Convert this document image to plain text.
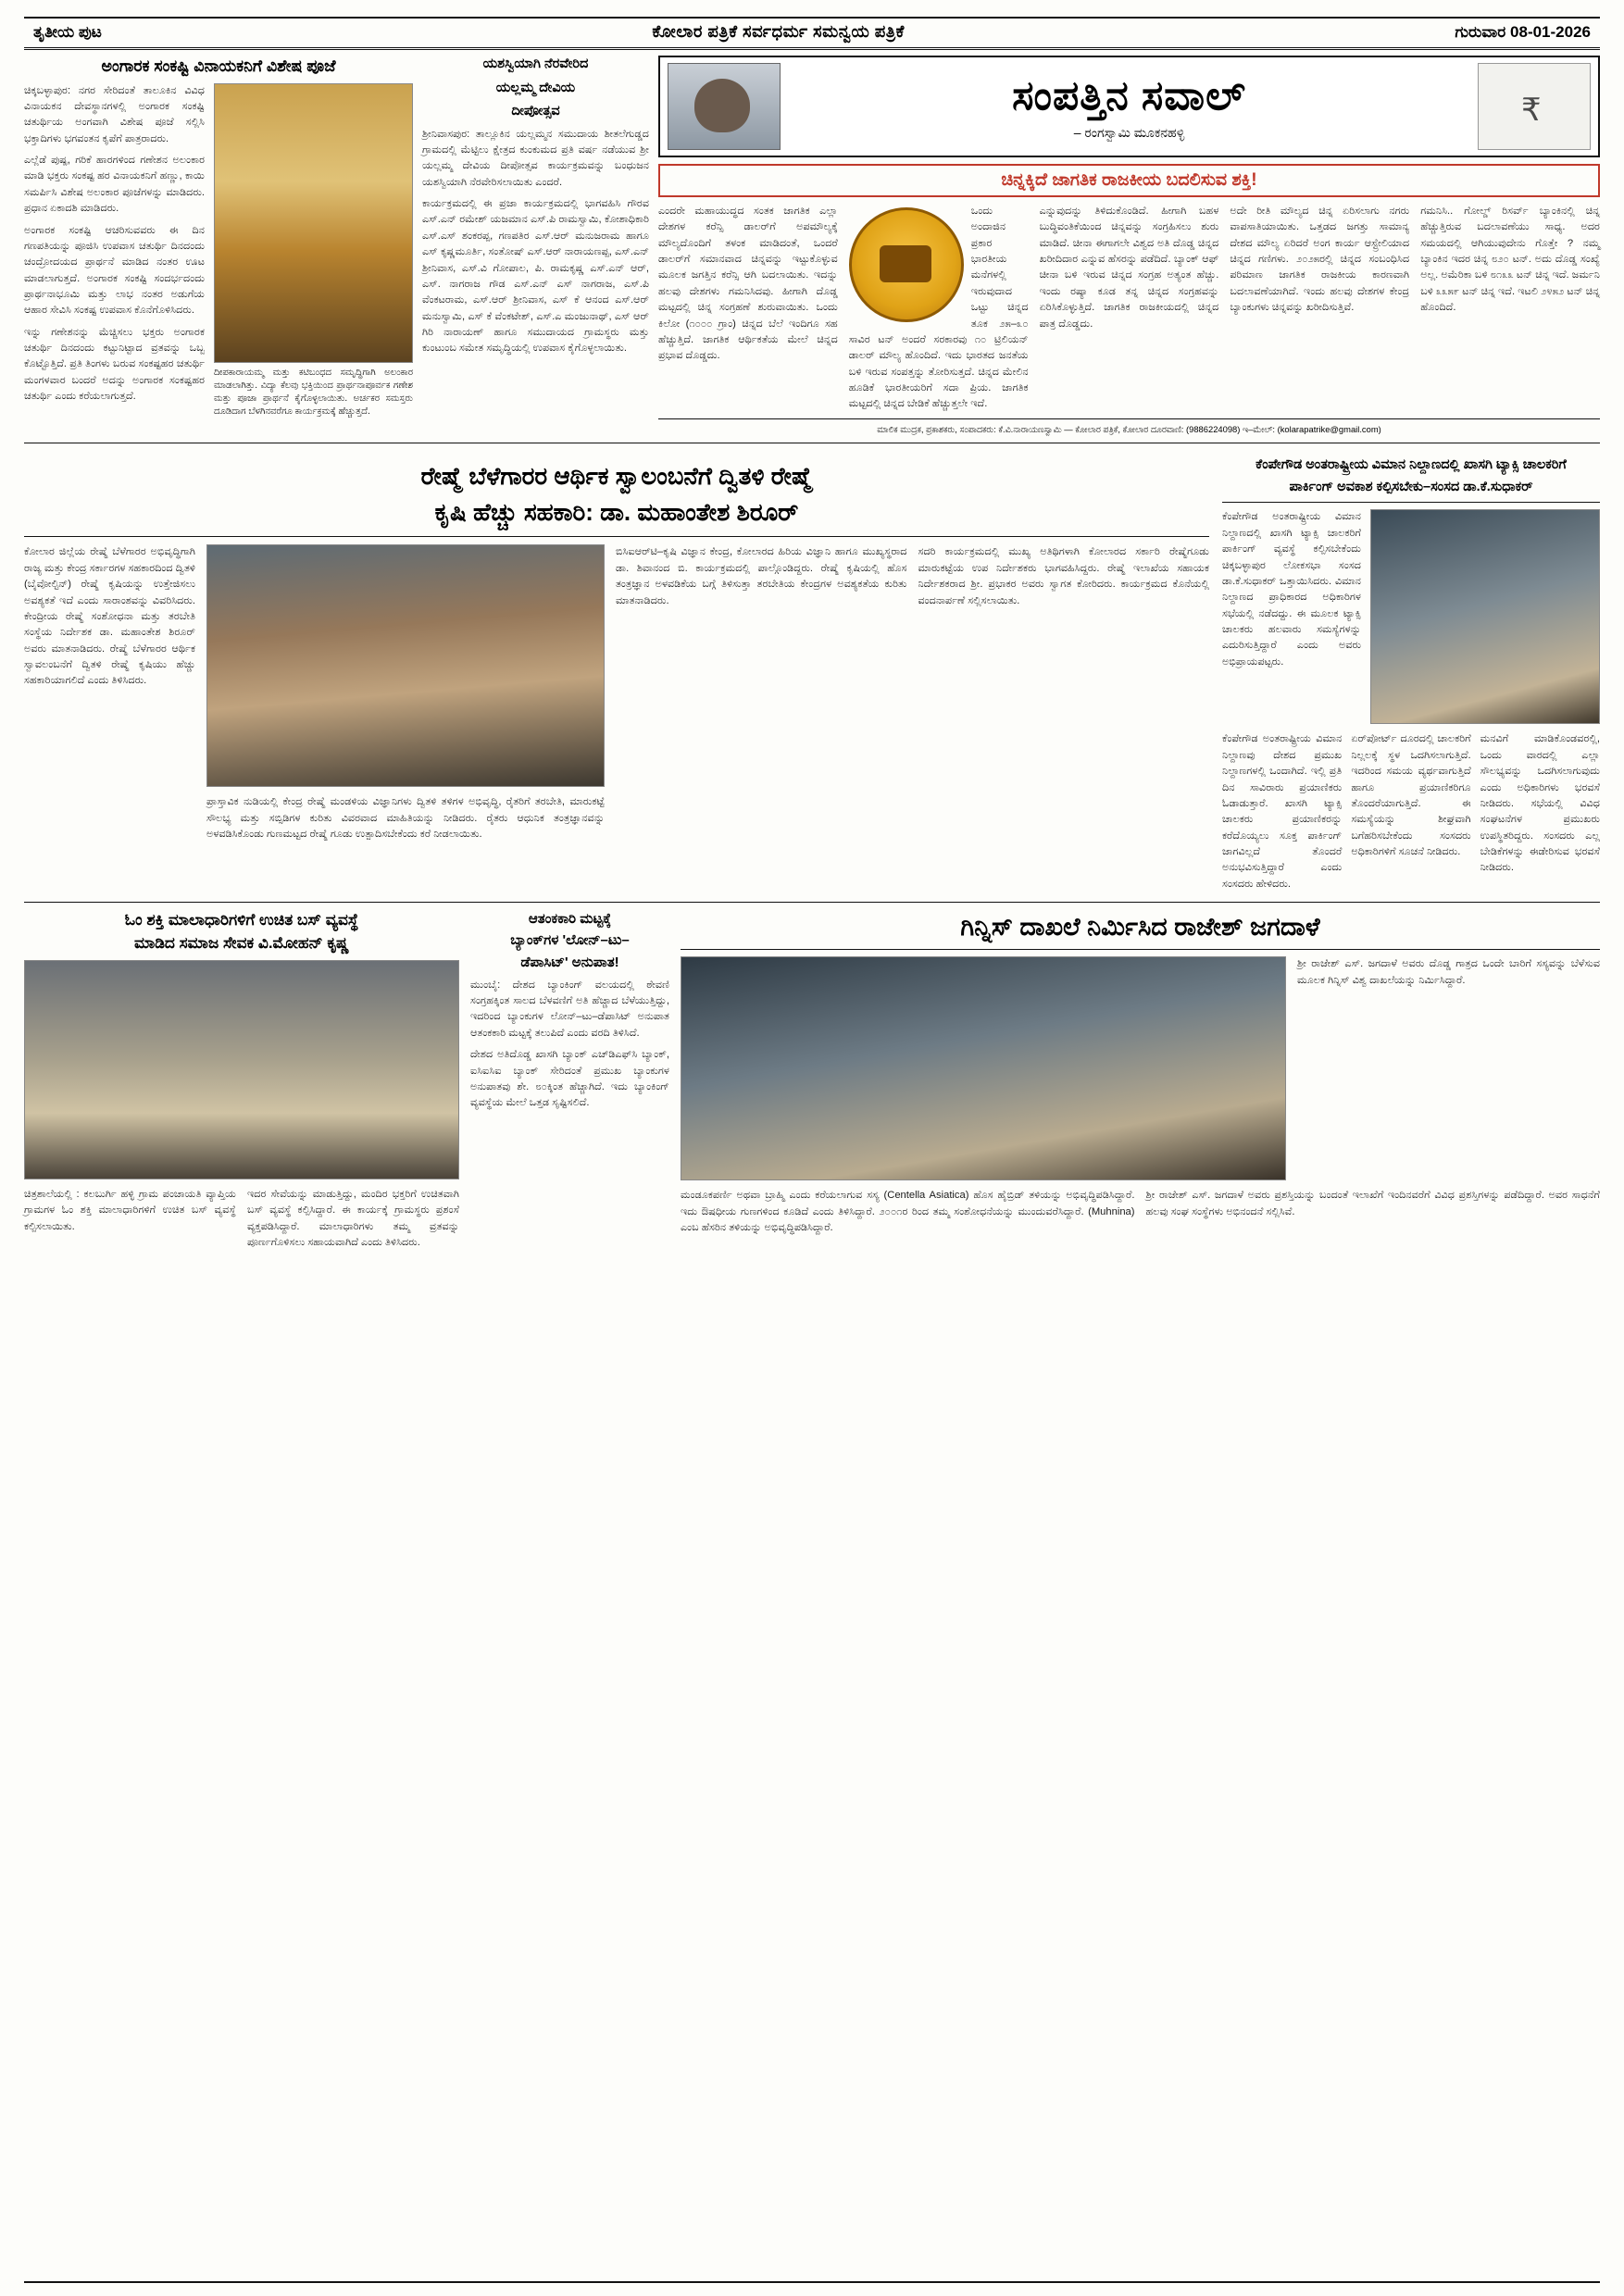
ತೃತೀಯ ಪುಟ	ಕೋಲಾರ ಪತ್ರಿಕೆ ಸರ್ವಧರ್ಮ ಸಮನ್ವಯ ಪತ್ರಿಕೆ	ಗುರುವಾರ 08-01-2026
ಅಂಗಾರಕ ಸಂಕಷ್ಟಿ ವಿನಾಯಕನಿಗೆ ವಿಶೇಷ ಪೂಜೆ
ಚಿಕ್ಕಬಳ್ಳಾಪುರ: ನಗರ ಸೇರಿದಂತೆ ತಾಲೂಕಿನ ವಿವಿಧ ವಿನಾಯಕನ ದೇವಸ್ಥಾನಗಳಲ್ಲಿ ಅಂಗಾರಕ ಸಂಕಷ್ಟಿ ಚತುರ್ಥಿಯ ಅಂಗವಾಗಿ ವಿಶೇಷ ಪೂಜೆ ಸಲ್ಲಿಸಿ ಭಕ್ತಾದಿಗಳು ಭಗವಂತನ ಕೃಪೆಗೆ ಪಾತ್ರರಾದರು.
ಎಲ್ಲೆಡೆ ಪುಷ್ಪ, ಗರಿಕೆ ಹಾರಗಳಿಂದ ಗಣೇಶನ ಅಲಂಕಾರ ಮಾಡಿ ಭಕ್ತರು ಸಂಕಷ್ಟ ಹರ ವಿನಾಯಕನಿಗೆ ಹಣ್ಣು, ಕಾಯಿ ಸಮರ್ಪಿಸಿ ವಿಶೇಷ ಅಲಂಕಾರ ಪೂಜೆಗಳನ್ನು ಮಾಡಿದರು. ಪ್ರಧಾನ ಏಕಾದಶಿ ಮಾಡಿದರು.
ಅಂಗಾರಕ ಸಂಕಷ್ಟಿ ಆಚರಿಸುವವರು ಈ ದಿನ ಗಣಪತಿಯನ್ನು ಪೂಜಿಸಿ ಉಪವಾಸ ಚತುರ್ಥಿ ದಿನದಂದು ಚಂದ್ರೋದಯದ ಪ್ರಾರ್ಥನೆ ಮಾಡಿದ ನಂತರ ಊಟ ಮಾಡಲಾಗುತ್ತದೆ. ಅಂಗಾರಕ ಸಂಕಷ್ಟಿ ಸಂದರ್ಭದಂದು ಪ್ರಾರ್ಥನಾಭೂಮಿ ಮತ್ತು ಲಾಭ ನಂತರ ಅಡುಗೆಯ ಆಹಾರ ಸೇವಿಸಿ ಸಂಕಷ್ಟ ಉಪವಾಸ ಕೊನೆಗೊಳಿಸಿದರು.
ಇನ್ನು ಗಣೇಶನನ್ನು ಮೆಚ್ಚಿಸಲು ಭಕ್ತರು ಅಂಗಾರಕ ಚತುರ್ಥಿ ದಿನದಂದು ಕಟ್ಟುನಿಟ್ಟಾದ ವ್ರತವನ್ನು ಒಬ್ಬ ಕೊಟ್ಟೊತ್ತಿದೆ. ಪ್ರತಿ ತಿಂಗಳು ಬರುವ ಸಂಕಷ್ಟಹರ ಚತುರ್ಥಿ ಮಂಗಳವಾರ ಬಂದರೆ ಅದನ್ನು ಅಂಗಾರಕ ಸಂಕಷ್ಟಹರ ಚತುರ್ಥಿ ಎಂದು ಕರೆಯಲಾಗುತ್ತದೆ.
ದೀಪಕಾರಾಯಮ್ಮ ಮತ್ತು ಕಟಿಬಂಧದ ಸಮೃದ್ಧಿಗಾಗಿ ಅಲಂಕಾರ ಮಾಡಲಾಗಿತ್ತು. ವಿದ್ಯಾ ಕೆಲವು ಭಕ್ತಿಯಿಂದ ಪ್ರಾರ್ಥನಾಪೂರ್ವಕ ಗಣೇಶ ಮತ್ತು ಪೂಜಾ ಪ್ರಾರ್ಥನೆ ಕೈಗೊಳ್ಳಲಾಯಿತು. ಅರ್ಚಕರ ಸಮಸ್ತರು ದೂಡಿದಾಗ ಬೆಳಗಿನವರೆಗೂ ಕಾರ್ಯಕ್ರಮಕ್ಕೆ ಹೆಚ್ಚುತ್ತದೆ.
ಯಶಸ್ವಿಯಾಗಿ ನೆರವೇರಿದ
ಯಲ್ಲಮ್ಮ ದೇವಿಯ
ದೀಪೋತ್ಸವ
ಶ್ರೀನಿವಾಸಪುರ: ತಾಲ್ಲೂಕಿನ ಯಲ್ಲಮ್ಮನ ಸಮುದಾಯ ಶೀತಲೆಗುಡ್ಡದ ಗ್ರಾಮದಲ್ಲಿ ಮೆಟ್ಟಿಲು ಕ್ಷೇತ್ರದ ಕುಂಕುಮದ ಪ್ರತಿ ವರ್ಷ ನಡೆಯುವ ಶ್ರೀ ಯಲ್ಲಮ್ಮ ದೇವಿಯ ದೀಪೋತ್ಸವ ಕಾರ್ಯಕ್ರಮವನ್ನು ಬಂಧುಜನ ಯಶಸ್ವಿಯಾಗಿ ನೆರವೇರಿಸಲಾಯಿತು ಎಂದರೆ.
ಕಾರ್ಯಕ್ರಮದಲ್ಲಿ ಈ ಪ್ರಜಾ ಕಾರ್ಯಕ್ರಮದಲ್ಲಿ ಭಾಗವಹಿಸಿ ಗೌರವ ಎಸ್.ಎನ್ ರಮೇಶ್ ಯಜಮಾನ ಎಸ್.ಪಿ ರಾಮಸ್ವಾಮಿ, ಕೋಶಾಧಿಕಾರಿ ಎಸ್.ಎಸ್ ಶಂಕರಪ್ಪ, ಗಣಪತಿರ ಎಸ್.ಆರ್ ಮನುಜರಾಮ ಹಾಗೂ ಎಸ್ ಕೃಷ್ಣಮೂರ್ತಿ, ಸಂತೋಷ್ ಎಸ್.ಆರ್ ನಾರಾಯಣಪ್ಪ, ಎಸ್.ಎನ್ ಶ್ರೀನಿವಾಸ, ಎಸ್.ವಿ ಗೋಪಾಲ, ಪಿ. ರಾಮಕೃಷ್ಣ ಎಸ್.ಎನ್ ಆರ್, ಎಸ್. ನಾಗರಾಜ ಗೌಡ ಎಸ್.ಎನ್ ಎಸ್ ನಾಗರಾಜ, ಎಸ್.ಪಿ ವೆಂಕಟರಾಮ, ಎಸ್.ಆರ್ ಶ್ರೀನಿವಾಸ, ಎಸ್ ಕೆ ಆನಂದ ಎಸ್.ಆರ್ ಮನುಸ್ವಾಮಿ, ಎಸ್ ಕೆ ವೆಂಕಟೇಶ್, ಎಸ್.ಎ ಮಂಜುನಾಥ್, ಎಸ್ ಆರ್ ಗಿರಿ ನಾರಾಯಣ್ ಹಾಗೂ ಸಮುದಾಯದ ಗ್ರಾಮಸ್ಥರು ಮತ್ತು ಕುಂಟುಂಬ ಸಮೇತ ಸಮೃದ್ಧಿಯಲ್ಲಿ ಉಪವಾಸ ಕೈಗೊಳ್ಳಲಾಯಿತು.
ಸಂಪತ್ತಿನ ಸವಾಲ್
– ರಂಗಸ್ವಾಮಿ ಮೂಕನಹಳ್ಳಿ
₹
ಚಿನ್ನಕ್ಕಿದೆ ಜಾಗತಿಕ ರಾಜಕೀಯ ಬದಲಿಸುವ ಶಕ್ತಿ!
ಎಂದರೇ ಮಹಾಯುದ್ಧದ ಸಂತಕ ಜಾಗತಿಕ ಎಲ್ಲಾ ದೇಶಗಳ ಕರೆನ್ಸಿ ಡಾಲರ್‌ಗೆ ಅಪಮೌಲ್ಯಕ್ಕೆ ಮೌಲ್ಯದೊಂದಿಗೆ ತಳಂಕ ಮಾಡಿದಂತೆ, ಒಂದರೆ ಡಾಲರ್‌ಗೆ ಸಮಾನವಾದ ಚಿನ್ನವನ್ನು ಇಟ್ಟುಕೊಳ್ಳುವ ಮೂಲಕ ಜಗತ್ತಿನ ಕರೆನ್ಸಿ ಆಗಿ ಬದಲಾಯಿತು. ಇದನ್ನು ಹಲವು ದೇಶಗಳು ಗಮನಿಸಿದವು. ಹೀಗಾಗಿ ದೊಡ್ಡ ಮಟ್ಟದಲ್ಲಿ ಚಿನ್ನ ಸಂಗ್ರಹಣೆ ಶುರುವಾಯಿತು. ಒಂದು ಕಿಲೋ (೧೦೦೦ ಗ್ರಾಂ) ಚಿನ್ನದ ಬೆಲೆ ಇಂದಿಗೂ ಸಹ ಹೆಚ್ಚುತ್ತಿದೆ. ಜಾಗತಿಕ ಆರ್ಥಿಕತೆಯ ಮೇಲೆ ಚಿನ್ನದ ಪ್ರಭಾವ ದೊಡ್ಡದು.
ಒಂದು ಅಂದಾಜಿನ ಪ್ರಕಾರ ಭಾರತೀಯ ಮನೆಗಳಲ್ಲಿ ಇರುವುದಾದ ಒಟ್ಟು ಚಿನ್ನದ ತೂಕ ೨೫–೩೦ ಸಾವಿರ ಟನ್ ಅಂದರೆ ಸರಕಾರವು ೧೦ ಟ್ರಿಲಿಯನ್ ಡಾಲರ್ ಮೌಲ್ಯ ಹೊಂದಿದೆ. ಇದು ಭಾರತದ ಜನತೆಯ ಬಳಿ ಇರುವ ಸಂಪತ್ತನ್ನು ತೋರಿಸುತ್ತದೆ. ಚಿನ್ನದ ಮೇಲಿನ ಹೂಡಿಕೆ ಭಾರತೀಯರಿಗೆ ಸದಾ ಪ್ರಿಯ. ಜಾಗತಿಕ ಮಟ್ಟದಲ್ಲಿ ಚಿನ್ನದ ಬೇಡಿಕೆ ಹೆಚ್ಚುತ್ತಲೇ ಇದೆ.
ಎನ್ನುವುದನ್ನು ತಿಳಿದುಕೊಂಡಿದೆ. ಹೀಗಾಗಿ ಬಹಳ ಬುದ್ಧಿವಂತಿಕೆಯಿಂದ ಚಿನ್ನವನ್ನು ಸಂಗ್ರಹಿಸಲು ಶುರು ಮಾಡಿದೆ. ಚೀನಾ ಈಗಾಗಲೇ ವಿಶ್ವದ ಅತಿ ದೊಡ್ಡ ಚಿನ್ನದ ಖರೀದಿದಾರ ಎನ್ನುವ ಹೆಸರನ್ನು ಪಡೆದಿದೆ. ಬ್ಯಾಂಕ್ ಆಫ್ ಚೀನಾ ಬಳಿ ಇರುವ ಚಿನ್ನದ ಸಂಗ್ರಹ ಅತ್ಯಂತ ಹೆಚ್ಚು. ಇಂದು ರಷ್ಯಾ ಕೂಡ ತನ್ನ ಚಿನ್ನದ ಸಂಗ್ರಹವನ್ನು ಏರಿಸಿಕೊಳ್ಳುತ್ತಿದೆ. ಜಾಗತಿಕ ರಾಜಕೀಯದಲ್ಲಿ ಚಿನ್ನದ ಪಾತ್ರ ದೊಡ್ಡದು.
ಅದೇ ರೀತಿ ಮೌಲ್ಯದ ಚಿನ್ನ ಏರಿಸಲಾಗು ನಗರು ವಾಪಸಾತಿಯಾಯಿತು. ಒತ್ತಡದ ಜಗತ್ತು ಸಾಮಾನ್ಯ ದೇಶದ ಮೌಲ್ಯ ಏರಿದರೆ ಅಂಗ ಕಾರ್ಯ ಆಸ್ಟ್ರೇಲಿಯಾದ ಚಿನ್ನದ ಗಣಿಗಳು. ೨೦೨೫ರಲ್ಲಿ ಚಿನ್ನದ ಸಂಬಂಧಿಸಿದ ಪರಿಮಾಣ ಜಾಗತಿಕ ರಾಜಕೀಯ ಕಾರಣವಾಗಿ ಬದಲಾವಣೆಯಾಗಿದೆ. ಇಂದು ಹಲವು ದೇಶಗಳ ಕೇಂದ್ರ ಬ್ಯಾಂಕುಗಳು ಚಿನ್ನವನ್ನು ಖರೀದಿಸುತ್ತಿವೆ.
ಗಮನಿಸಿ.. ಗೋಲ್ಡ್ ರಿಸರ್ವ್ ಬ್ಯಾಂಕಿನಲ್ಲಿ ಚಿನ್ನ ಹೆಚ್ಚುತ್ತಿರುವ ಬದಲಾವಣೆಯು ಸಾಧ್ಯ. ಅದರ ಸಮಯದಲ್ಲಿ ಆಗಿಯುವುದೇನು ಗೊತ್ತೇ ? ನಮ್ಮ ಬ್ಯಾಂಕಿನ ಇದರ ಚಿನ್ನ ೮೨೦ ಟನ್. ಅದು ದೊಡ್ಡ ಸಂಖ್ಯೆ ಅಲ್ಲ. ಅಮೆರಿಕಾ ಬಳಿ ೮೧೩೩ ಟನ್ ಚಿನ್ನ ಇದೆ. ಜರ್ಮನಿ ಬಳಿ ೩೩೫೯ ಟನ್ ಚಿನ್ನ ಇದೆ. ಇಟಲಿ ೨೪೫೨ ಟನ್ ಚಿನ್ನ ಹೊಂದಿದೆ.
ಮಾಲಿಕ ಮುದ್ರಕ, ಪ್ರಕಾಶಕರು, ಸಂಪಾದಕರು: ಕೆ.ವಿ.ನಾರಾಯಣಸ್ವಾಮಿ — ಕೋಲಾರ ಪತ್ರಿಕೆ, ಕೋಲಾರ ದೂರವಾಣಿ: (9886224098) ಇ–ಮೇಲ್: (kolarapatrike@gmail.com)
ರೇಷ್ಮೆ ಬೆಳೆಗಾರರ ಆರ್ಥಿಕ ಸ್ವಾಲಂಬನೆಗೆ ದ್ವಿತಳಿ ರೇಷ್ಮೆ
ಕೃಷಿ ಹೆಚ್ಚು ಸಹಕಾರಿ: ಡಾ. ಮಹಾಂತೇಶ ಶಿರೂರ್
ಕೋಲಾರ ಜಿಲ್ಲೆಯ ರೇಷ್ಮೆ ಬೆಳೆಗಾರರ ಅಭಿವೃದ್ಧಿಗಾಗಿ ರಾಜ್ಯ ಮತ್ತು ಕೇಂದ್ರ ಸರ್ಕಾರಗಳ ಸಹಕಾರದಿಂದ ದ್ವಿತಳಿ (ಬೈವೋಲ್ಟಿನ್) ರೇಷ್ಮೆ ಕೃಷಿಯನ್ನು ಉತ್ತೇಜಿಸಲು ಅವಶ್ಯಕತೆ ಇದೆ ಎಂದು ಸಾರಾಂಶವನ್ನು ವಿವರಿಸಿದರು. ಕೇಂದ್ರೀಯ ರೇಷ್ಮೆ ಸಂಶೋಧನಾ ಮತ್ತು ತರಬೇತಿ ಸಂಸ್ಥೆಯ ನಿರ್ದೇಶಕ ಡಾ. ಮಹಾಂತೇಶ ಶಿರೂರ್ ಅವರು ಮಾತನಾಡಿದರು. ರೇಷ್ಮೆ ಬೆಳೆಗಾರರ ಆರ್ಥಿಕ ಸ್ವಾವಲಂಬನೆಗೆ ದ್ವಿತಳಿ ರೇಷ್ಮೆ ಕೃಷಿಯು ಹೆಚ್ಚು ಸಹಕಾರಿಯಾಗಲಿದೆ ಎಂದು ತಿಳಿಸಿದರು.
ಪ್ರಾಸ್ತಾವಿಕ ನುಡಿಯಲ್ಲಿ ಕೇಂದ್ರ ರೇಷ್ಮೆ ಮಂಡಳಿಯ ವಿಜ್ಞಾನಿಗಳು ದ್ವಿತಳಿ ತಳಿಗಳ ಅಭಿವೃದ್ಧಿ, ರೈತರಿಗೆ ತರಬೇತಿ, ಮಾರುಕಟ್ಟೆ ಸೌಲಭ್ಯ ಮತ್ತು ಸಬ್ಸಿಡಿಗಳ ಕುರಿತು ವಿವರವಾದ ಮಾಹಿತಿಯನ್ನು ನೀಡಿದರು. ರೈತರು ಆಧುನಿಕ ತಂತ್ರಜ್ಞಾನವನ್ನು ಅಳವಡಿಸಿಕೊಂಡು ಗುಣಮಟ್ಟದ ರೇಷ್ಮೆ ಗೂಡು ಉತ್ಪಾದಿಸಬೇಕೆಂದು ಕರೆ ನೀಡಲಾಯಿತು.
ಬಿಸಿಐಆರ್‌ಟಿ–ಕೃಷಿ ವಿಜ್ಞಾನ ಕೇಂದ್ರ, ಕೋಲಾರದ ಹಿರಿಯ ವಿಜ್ಞಾನಿ ಹಾಗೂ ಮುಖ್ಯಸ್ಥರಾದ ಡಾ. ಶಿವಾನಂದ ಬಿ. ಕಾರ್ಯಕ್ರಮದಲ್ಲಿ ಪಾಲ್ಗೊಂಡಿದ್ದರು. ರೇಷ್ಮೆ ಕೃಷಿಯಲ್ಲಿ ಹೊಸ ತಂತ್ರಜ್ಞಾನ ಅಳವಡಿಕೆಯ ಬಗ್ಗೆ ತಿಳಿಸುತ್ತಾ ತರಬೇತಿಯ ಕೇಂದ್ರಗಳ ಅವಶ್ಯಕತೆಯ ಕುರಿತು ಮಾತನಾಡಿದರು.
ಸದರಿ ಕಾರ್ಯಕ್ರಮದಲ್ಲಿ ಮುಖ್ಯ ಅತಿಥಿಗಳಾಗಿ ಕೋಲಾರದ ಸರ್ಕಾರಿ ರೇಷ್ಮೆಗೂಡು ಮಾರುಕಟ್ಟೆಯ ಉಪ ನಿರ್ದೇಶಕರು ಭಾಗವಹಿಸಿದ್ದರು. ರೇಷ್ಮೆ ಇಲಾಖೆಯ ಸಹಾಯಕ ನಿರ್ದೇಶಕರಾದ ಶ್ರೀ. ಪ್ರಭಾಕರ ಅವರು ಸ್ವಾಗತ ಕೋರಿದರು. ಕಾರ್ಯಕ್ರಮದ ಕೊನೆಯಲ್ಲಿ ವಂದನಾರ್ಪಣೆ ಸಲ್ಲಿಸಲಾಯಿತು.
ಕೆಂಪೇಗೌಡ ಅಂತರಾಷ್ಟ್ರೀಯ ವಿಮಾನ ನಿಲ್ದಾಣದಲ್ಲಿ ಖಾಸಗಿ ಟ್ಯಾಕ್ಸಿ ಚಾಲಕರಿಗೆ
ಪಾರ್ಕಿಂಗ್ ಅವಕಾಶ ಕಲ್ಪಿಸಬೇಕು–ಸಂಸದ ಡಾ.ಕೆ.ಸುಧಾಕರ್
ಕೆಂಪೇಗೌಡ ಅಂತರಾಷ್ಟ್ರೀಯ ವಿಮಾನ ನಿಲ್ದಾಣದಲ್ಲಿ ಖಾಸಗಿ ಟ್ಯಾಕ್ಸಿ ಚಾಲಕರಿಗೆ ಪಾರ್ಕಿಂಗ್ ವ್ಯವಸ್ಥೆ ಕಲ್ಪಿಸಬೇಕೆಂದು ಚಿಕ್ಕಬಳ್ಳಾಪುರ ಲೋಕಸಭಾ ಸಂಸದ ಡಾ.ಕೆ.ಸುಧಾಕರ್ ಒತ್ತಾಯಿಸಿದರು. ವಿಮಾನ ನಿಲ್ದಾಣದ ಪ್ರಾಧಿಕಾರದ ಅಧಿಕಾರಿಗಳ ಸಭೆಯಲ್ಲಿ ನಡೆದದ್ದು. ಈ ಮೂಲಕ ಟ್ಯಾಕ್ಸಿ ಚಾಲಕರು ಹಲವಾರು ಸಮಸ್ಯೆಗಳನ್ನು ಎದುರಿಸುತ್ತಿದ್ದಾರೆ ಎಂದು ಅವರು ಅಭಿಪ್ರಾಯಪಟ್ಟರು.
ಕೆಂಪೇಗೌಡ ಅಂತರಾಷ್ಟ್ರೀಯ ವಿಮಾನ ನಿಲ್ದಾಣವು ದೇಶದ ಪ್ರಮುಖ ನಿಲ್ದಾಣಗಳಲ್ಲಿ ಒಂದಾಗಿದೆ. ಇಲ್ಲಿ ಪ್ರತಿ ದಿನ ಸಾವಿರಾರು ಪ್ರಯಾಣಿಕರು ಓಡಾಡುತ್ತಾರೆ. ಖಾಸಗಿ ಟ್ಯಾಕ್ಸಿ ಚಾಲಕರು ಪ್ರಯಾಣಿಕರನ್ನು ಕರೆದೊಯ್ಯಲು ಸೂಕ್ತ ಪಾರ್ಕಿಂಗ್ ಜಾಗವಿಲ್ಲದೆ ತೊಂದರೆ ಅನುಭವಿಸುತ್ತಿದ್ದಾರೆ ಎಂದು ಸಂಸದರು ಹೇಳಿದರು.
ಏರ್‌ಪೋರ್ಟ್ ದೂರದಲ್ಲಿ ಚಾಲಕರಿಗೆ ನಿಲ್ಲಲಕ್ಕೆ ಸ್ಥಳ ಒದಗಿಸಲಾಗುತ್ತಿದೆ. ಇದರಿಂದ ಸಮಯ ವ್ಯರ್ಥವಾಗುತ್ತಿದೆ ಹಾಗೂ ಪ್ರಯಾಣಿಕರಿಗೂ ತೊಂದರೆಯಾಗುತ್ತಿದೆ. ಈ ಸಮಸ್ಯೆಯನ್ನು ಶೀಘ್ರವಾಗಿ ಬಗೆಹರಿಸಬೇಕೆಂದು ಸಂಸದರು ಅಧಿಕಾರಿಗಳಿಗೆ ಸೂಚನೆ ನೀಡಿದರು.
ಮನವಿಗೆ ಮಾಡಿಕೊಂಡವರಲ್ಲಿ, ಒಂದು ವಾರದಲ್ಲಿ ಎಲ್ಲಾ ಸೌಲಭ್ಯವನ್ನು ಒದಗಿಸಲಾಗುವುದು ಎಂದು ಅಧಿಕಾರಿಗಳು ಭರವಸೆ ನೀಡಿದರು. ಸಭೆಯಲ್ಲಿ ವಿವಿಧ ಸಂಘಟನೆಗಳ ಪ್ರಮುಖರು ಉಪಸ್ಥಿತರಿದ್ದರು. ಸಂಸದರು ಎಲ್ಲ ಬೇಡಿಕೆಗಳನ್ನು ಈಡೇರಿಸುವ ಭರವಸೆ ನೀಡಿದರು.
ಓಂ ಶಕ್ತಿ ಮಾಲಾಧಾರಿಗಳಿಗೆ ಉಚಿತ ಬಸ್ ವ್ಯವಸ್ಥೆ
ಮಾಡಿದ ಸಮಾಜ ಸೇವಕ ವಿ.ಮೋಹನ್ ಕೃಷ್ಣ
ಚಿತ್ರಶಾಲೆಯಲ್ಲಿ : ಕಲಬುರ್ಗಿ ಹಳ್ಳಿ ಗ್ರಾಮ ಪಂಚಾಯತಿ ವ್ಯಾಪ್ತಿಯ ಗ್ರಾಮಗಳ ಓಂ ಶಕ್ತಿ ಮಾಲಾಧಾರಿಗಳಿಗೆ ಉಚಿತ ಬಸ್ ವ್ಯವಸ್ಥೆ ಕಲ್ಪಿಸಲಾಯಿತು.
ಇದರ ಸೇವೆಯನ್ನು ಮಾಡುತ್ತಿದ್ದು, ಮಂದಿರ ಭಕ್ತರಿಗೆ ಉಚಿತವಾಗಿ ಬಸ್ ವ್ಯವಸ್ಥೆ ಕಲ್ಪಿಸಿದ್ದಾರೆ. ಈ ಕಾರ್ಯಕ್ಕೆ ಗ್ರಾಮಸ್ಥರು ಪ್ರಶಂಸೆ ವ್ಯಕ್ತಪಡಿಸಿದ್ದಾರೆ. ಮಾಲಾಧಾರಿಗಳು ತಮ್ಮ ವ್ರತವನ್ನು ಪೂರ್ಣಗೊಳಿಸಲು ಸಹಾಯವಾಗಿದೆ ಎಂದು ತಿಳಿಸಿದರು.
ಆತಂಕಕಾರಿ ಮಟ್ಟಕ್ಕೆ
ಬ್ಯಾಂಕ್‌ಗಳ 'ಲೋನ್–ಟು–
ಡೆಪಾಸಿಟ್' ಅನುಪಾತ!
ಮುಂಬೈ: ದೇಶದ ಬ್ಯಾಂಕಿಂಗ್ ವಲಯದಲ್ಲಿ ಠೇವಣಿ ಸಂಗ್ರಹಕ್ಕಿಂತ ಸಾಲದ ಬೆಳವಣಿಗೆ ಅತಿ ಹೆಚ್ಚಾದ ಬೆಳೆಯುತ್ತಿದ್ದು, ಇದರಿಂದ ಬ್ಯಾಂಕುಗಳ ಲೋನ್–ಟು–ಡೆಪಾಸಿಟ್ ಅನುಪಾತ ಆತಂಕಕಾರಿ ಮಟ್ಟಕ್ಕೆ ತಲುಪಿದೆ ಎಂದು ವರದಿ ತಿಳಿಸಿದೆ.
ದೇಶದ ಅತಿದೊಡ್ಡ ಖಾಸಗಿ ಬ್ಯಾಂಕ್ ಎಚ್‌ಡಿಎಫ್‌ಸಿ ಬ್ಯಾಂಕ್, ಐಸಿಐಸಿಐ ಬ್ಯಾಂಕ್ ಸೇರಿದಂತೆ ಪ್ರಮುಖ ಬ್ಯಾಂಕುಗಳ ಅನುಪಾತವು ಶೇ. ೮೦ಕ್ಕಿಂತ ಹೆಚ್ಚಾಗಿದೆ. ಇದು ಬ್ಯಾಂಕಿಂಗ್ ವ್ಯವಸ್ಥೆಯ ಮೇಲೆ ಒತ್ತಡ ಸೃಷ್ಟಿಸಲಿದೆ.
ಗಿನ್ನಿಸ್ ದಾಖಲೆ ನಿರ್ಮಿಸಿದ ರಾಜೇಶ್ ಜಗದಾಳೆ
ಶ್ರೀ ರಾಜೇಶ್ ಎಸ್. ಜಗದಾಳೆ ಅವರು ದೊಡ್ಡ ಗಾತ್ರದ ಒಂದೇ ಬಾರಿಗೆ ಸಸ್ಯವನ್ನು ಬೆಳೆಸುವ ಮೂಲಕ ಗಿನ್ನಿಸ್ ವಿಶ್ವ ದಾಖಲೆಯನ್ನು ನಿರ್ಮಿಸಿದ್ದಾರೆ.
ಮಂಡೂಕಪರ್ಣಿ ಅಥವಾ ಬ್ರಾಹ್ಮಿ ಎಂದು ಕರೆಯಲಾಗುವ ಸಸ್ಯ (Centella Asiatica) ಹೊಸ ಹೈಬ್ರಿಡ್ ತಳಿಯನ್ನು ಅಭಿವೃದ್ಧಿಪಡಿಸಿದ್ದಾರೆ. ಇದು ಔಷಧೀಯ ಗುಣಗಳಿಂದ ಕೂಡಿದೆ ಎಂದು ತಿಳಿಸಿದ್ದಾರೆ. ೨೦೦೧ರ ರಿಂದ ತಮ್ಮ ಸಂಶೋಧನೆಯನ್ನು ಮುಂದುವರೆಸಿದ್ದಾರೆ. (Muhnina) ಎಂಬ ಹೆಸರಿನ ತಳಿಯನ್ನು ಅಭಿವೃದ್ಧಿಪಡಿಸಿದ್ದಾರೆ.
ಶ್ರೀ ರಾಜೇಶ್ ಎಸ್. ಜಗದಾಳೆ ಅವರು ಪ್ರಶಸ್ತಿಯನ್ನು ಬಂದಂತೆ ಇಲಾಖೆಗೆ ಇಂದಿನವರೆಗೆ ವಿವಿಧ ಪ್ರಶಸ್ತಿಗಳನ್ನು ಪಡೆದಿದ್ದಾರೆ. ಅವರ ಸಾಧನೆಗೆ ಹಲವು ಸಂಘ ಸಂಸ್ಥೆಗಳು ಅಭಿನಂದನೆ ಸಲ್ಲಿಸಿವೆ.
